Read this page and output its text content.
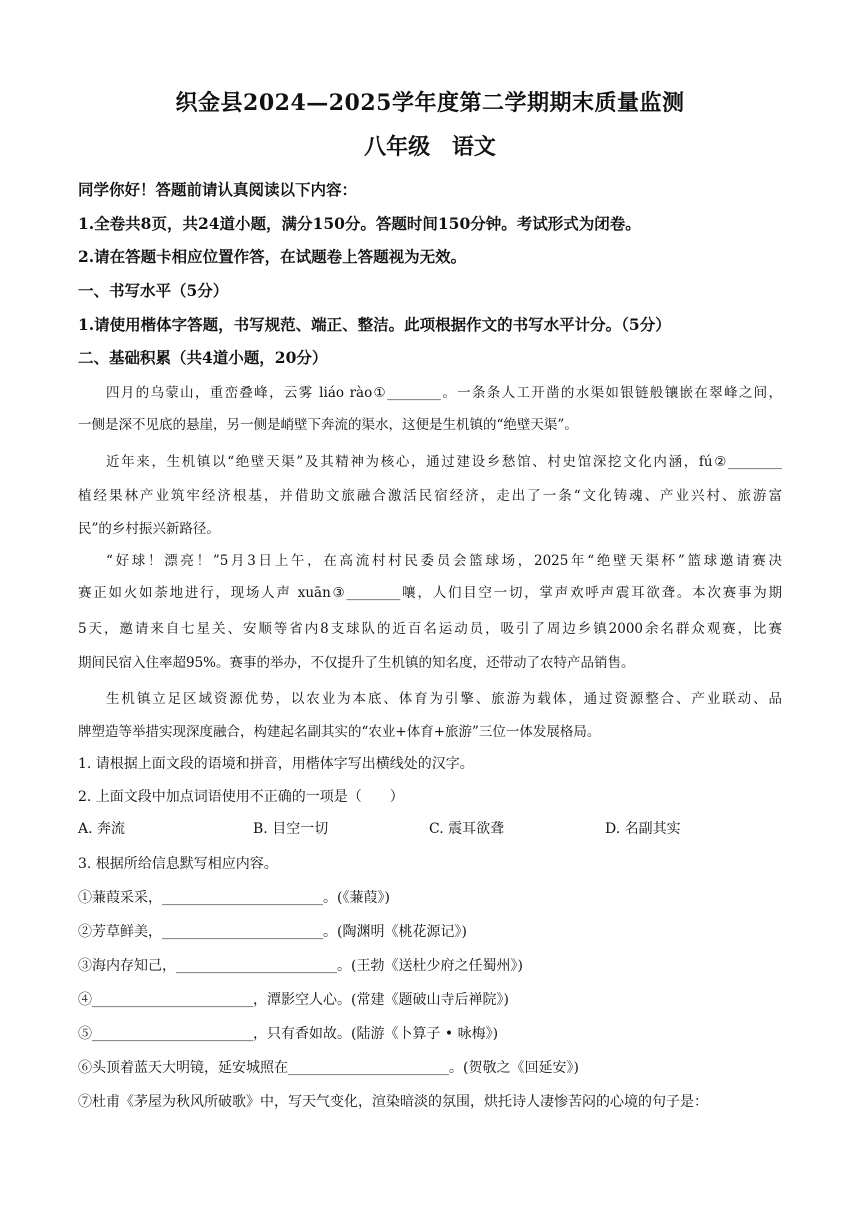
织金县2024—2025学年度第二学期期末质量监测
八年级 语文
同学你好！答题前请认真阅读以下内容：
1.全卷共8页，共24道小题，满分150分。答题时间150分钟。考试形式为闭卷。
2.请在答题卡相应位置作答，在试题卷上答题视为无效。
一、书写水平（5分）
1.请使用楷体字答题，书写规范、端正、整洁。此项根据作文的书写水平计分。（5分）
二、基础积累（共4道小题，20分）
四月的乌蒙山，重峦叠峰，云雾 liáo rào①________。一条条人工开凿的水渠如银链般镶嵌在翠峰之间，
一侧是深不见底的悬崖，另一侧是峭壁下奔流的渠水，这便是生机镇的“绝壁天渠”。
近年来，生机镇以“绝壁天渠”及其精神为核心，通过建设乡愁馆、村史馆深挖文化内涵，fú②________
植经果林产业筑牢经济根基，并借助文旅融合激活民宿经济，走出了一条“文化铸魂、产业兴村、旅游富
民”的乡村振兴新路径。
“好球！漂亮！”5月3日上午，在高流村村民委员会篮球场，2025年“绝壁天渠杯”篮球邀请赛决
赛正如火如荼地进行，现场人声 xuān③________嚷，人们目空一切，掌声欢呼声震耳欲聋。本次赛事为期
5天，邀请来自七星关、安顺等省内8支球队的近百名运动员，吸引了周边乡镇2000余名群众观赛，比赛
期间民宿入住率超95%。赛事的举办，不仅提升了生机镇的知名度，还带动了农特产品销售。
生机镇立足区域资源优势，以农业为本底、体育为引擎、旅游为载体，通过资源整合、产业联动、品
牌塑造等举措实现深度融合，构建起名副其实的“农业+体育+旅游”三位一体发展格局。
1. 请根据上面文段的语境和拼音，用楷体字写出横线处的汉字。
2. 上面文段中加点词语使用不正确的一项是（　　）
A. 奔流	B. 目空一切	C. 震耳欲聋	D. 名副其实
3. 根据所给信息默写相应内容。
①蒹葭采采，_______________________。(《蒹葭》)
②芳草鲜美，_______________________。(陶渊明《桃花源记》)
③海内存知己，_______________________。(王勃《送杜少府之任蜀州》)
④_______________________，潭影空人心。(常建《题破山寺后禅院》)
⑤_______________________，只有香如故。(陆游《卜算子 • 咏梅》)
⑥头顶着蓝天大明镜，延安城照在_______________________。(贺敬之《回延安》)
⑦杜甫《茅屋为秋风所破歌》中，写天气变化，渲染暗淡的氛围，烘托诗人凄惨苦闷的心境的句子是：
